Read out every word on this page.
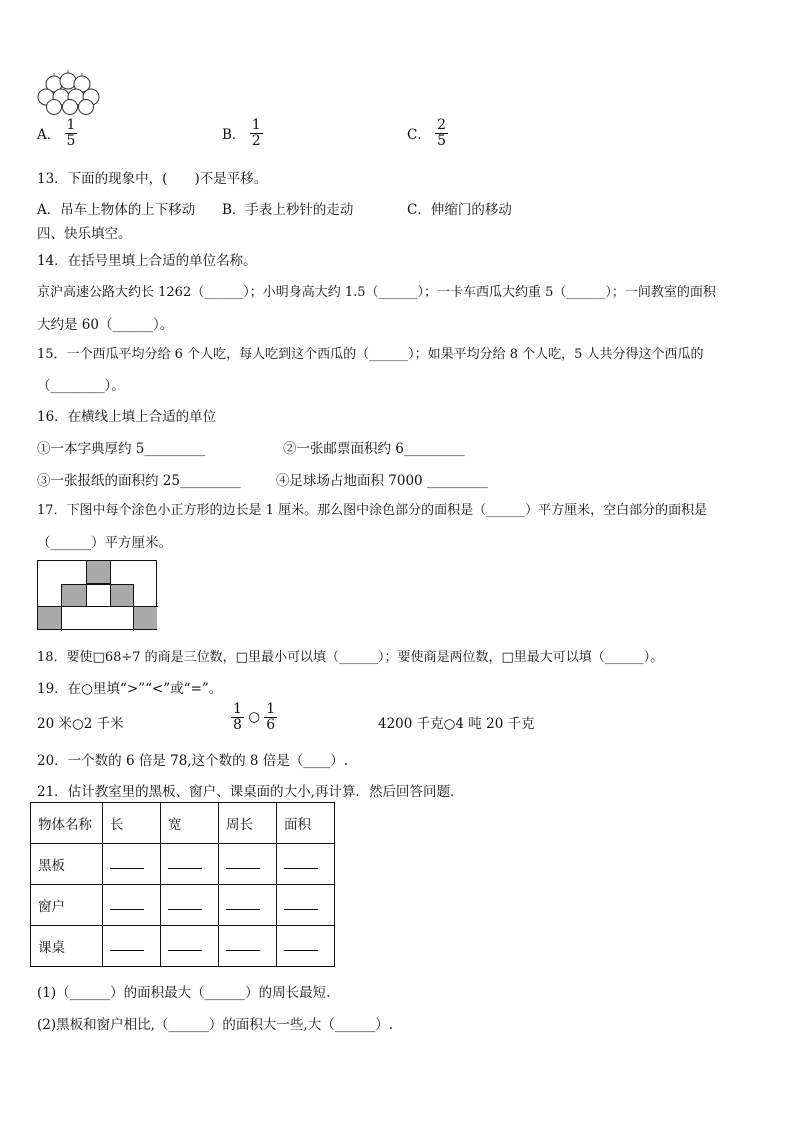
A． $\frac{1}{5}$	B． $\frac{1}{2}$	C． $\frac{2}{5}$
13．下面的现象中，(　　)不是平移。
A．吊车上物体的上下移动 B．手表上秒针的走动	C．伸缩门的移动
四、快乐填空。
14．在括号里填上合适的单位名称。
京沪高速公路大约长 1262（______）；小明身高大约 1.5（______）；一卡车西瓜大约重 5（______）；一间教室的面积
大约是 60（______）。
15．一个西瓜平均分给 6 个人吃，每人吃到这个西瓜的（______）；如果平均分给 8 个人吃，5 人共分得这个西瓜的
（________）。
16．在横线上填上合适的单位
①一本字典厚约 5_________	②一张邮票面积约 6_________
③一张报纸的面积约 25_________	④足球场占地面积 7000 _________
17．下图中每个涂色小正方形的边长是 1 厘米。那么图中涂色部分的面积是（______）平方厘米，空白部分的面积是
（______）平方厘米。
18．要使□68÷7 的商是三位数，□里最小可以填（______）；要使商是两位数，□里最大可以填（______）。
19．在○里填“>”“<”或“=”。
20 米○2 千米	$\frac{1}{8}$ ○ $\frac{1}{6}$	4200 千克○4 吨 20 千克
20．一个数的 6 倍是 78,这个数的 8 倍是（____）.
21．估计教室里的黑板、窗户、课桌面的大小,再计算．然后回答问题．
物体名称	长	宽	周长	面积
黑板				
窗户				
课桌				
(1)（______）的面积最大（______）的周长最短.
(2)黑板和窗户相比,（______）的面积大一些,大（______）.
